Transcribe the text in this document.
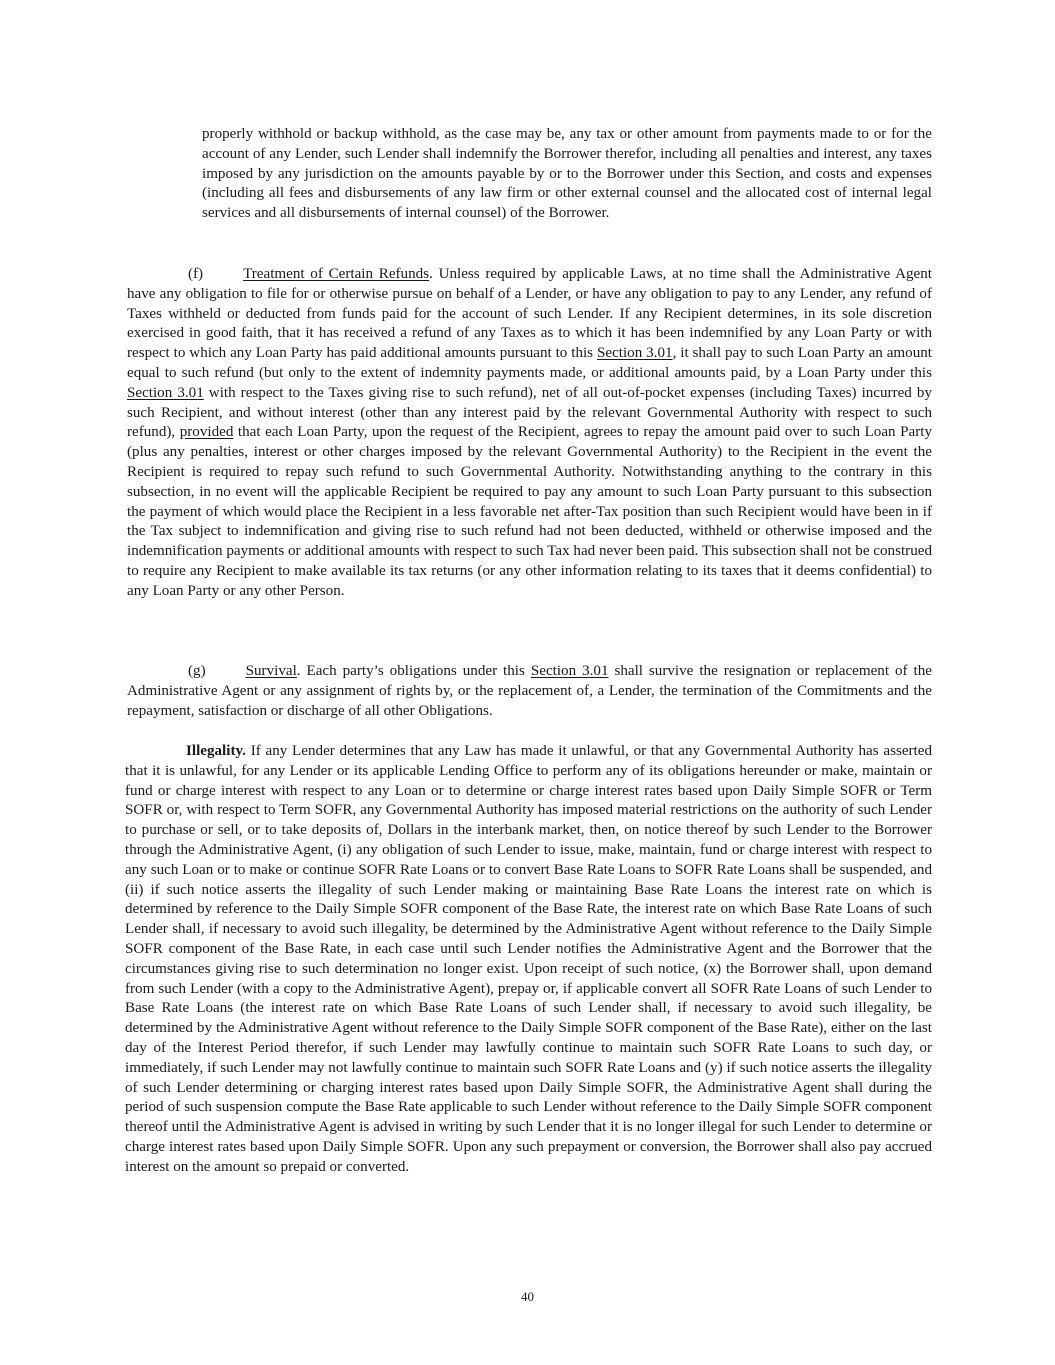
properly withhold or backup withhold, as the case may be, any tax or other amount from payments made to or for the account of any Lender, such Lender shall indemnify the Borrower therefor, including all penalties and interest, any taxes imposed by any jurisdiction on the amounts payable by or to the Borrower under this Section, and costs and expenses (including all fees and disbursements of any law firm or other external counsel and the allocated cost of internal legal services and all disbursements of internal counsel) of the Borrower.

(f)	Treatment of Certain Refunds. Unless required by applicable Laws, at no time shall the Administrative Agent have any obligation to file for or otherwise pursue on behalf of a Lender, or have any obligation to pay to any Lender, any refund of Taxes withheld or deducted from funds paid for the account of such Lender. If any Recipient determines, in its sole discretion exercised in good faith, that it has received a refund of any Taxes as to which it has been indemnified by any Loan Party or with respect to which any Loan Party has paid additional amounts pursuant to this Section 3.01, it shall pay to such Loan Party an amount equal to such refund (but only to the extent of indemnity payments made, or additional amounts paid, by a Loan Party under this Section 3.01 with respect to the Taxes giving rise to such refund), net of all out-of-pocket expenses (including Taxes) incurred by such Recipient, and without interest (other than any interest paid by the relevant Governmental Authority with respect to such refund), provided that each Loan Party, upon the request of the Recipient, agrees to repay the amount paid over to such Loan Party (plus any penalties, interest or other charges imposed by the relevant Governmental Authority) to the Recipient in the event the Recipient is required to repay such refund to such Governmental Authority. Notwithstanding anything to the contrary in this subsection, in no event will the applicable Recipient be required to pay any amount to such Loan Party pursuant to this subsection the payment of which would place the Recipient in a less favorable net after-Tax position than such Recipient would have been in if the Tax subject to indemnification and giving rise to such refund had not been deducted, withheld or otherwise imposed and the indemnification payments or additional amounts with respect to such Tax had never been paid. This subsection shall not be construed to require any Recipient to make available its tax returns (or any other information relating to its taxes that it deems confidential) to any Loan Party or any other Person.

(g)	Survival. Each party’s obligations under this Section 3.01 shall survive the resignation or replacement of the Administrative Agent or any assignment of rights by, or the replacement of, a Lender, the termination of the Commitments and the repayment, satisfaction or discharge of all other Obligations.

Illegality. If any Lender determines that any Law has made it unlawful, or that any Governmental Authority has asserted that it is unlawful, for any Lender or its applicable Lending Office to perform any of its obligations hereunder or make, maintain or fund or charge interest with respect to any Loan or to determine or charge interest rates based upon Daily Simple SOFR or Term SOFR or, with respect to Term SOFR, any Governmental Authority has imposed material restrictions on the authority of such Lender to purchase or sell, or to take deposits of, Dollars in the interbank market, then, on notice thereof by such Lender to the Borrower through the Administrative Agent, (i) any obligation of such Lender to issue, make, maintain, fund or charge interest with respect to any such Loan or to make or continue SOFR Rate Loans or to convert Base Rate Loans to SOFR Rate Loans shall be suspended, and (ii) if such notice asserts the illegality of such Lender making or maintaining Base Rate Loans the interest rate on which is determined by reference to the Daily Simple SOFR component of the Base Rate, the interest rate on which Base Rate Loans of such Lender shall, if necessary to avoid such illegality, be determined by the Administrative Agent without reference to the Daily Simple SOFR component of the Base Rate, in each case until such Lender notifies the Administrative Agent and the Borrower that the circumstances giving rise to such determination no longer exist. Upon receipt of such notice, (x) the Borrower shall, upon demand from such Lender (with a copy to the Administrative Agent), prepay or, if applicable convert all SOFR Rate Loans of such Lender to Base Rate Loans (the interest rate on which Base Rate Loans of such Lender shall, if necessary to avoid such illegality, be determined by the Administrative Agent without reference to the Daily Simple SOFR component of the Base Rate), either on the last day of the Interest Period therefor, if such Lender may lawfully continue to maintain such SOFR Rate Loans to such day, or immediately, if such Lender may not lawfully continue to maintain such SOFR Rate Loans and (y) if such notice asserts the illegality of such Lender determining or charging interest rates based upon Daily Simple SOFR, the Administrative Agent shall during the period of such suspension compute the Base Rate applicable to such Lender without reference to the Daily Simple SOFR component thereof until the Administrative Agent is advised in writing by such Lender that it is no longer illegal for such Lender to determine or charge interest rates based upon Daily Simple SOFR. Upon any such prepayment or conversion, the Borrower shall also pay accrued interest on the amount so prepaid or converted.

40
